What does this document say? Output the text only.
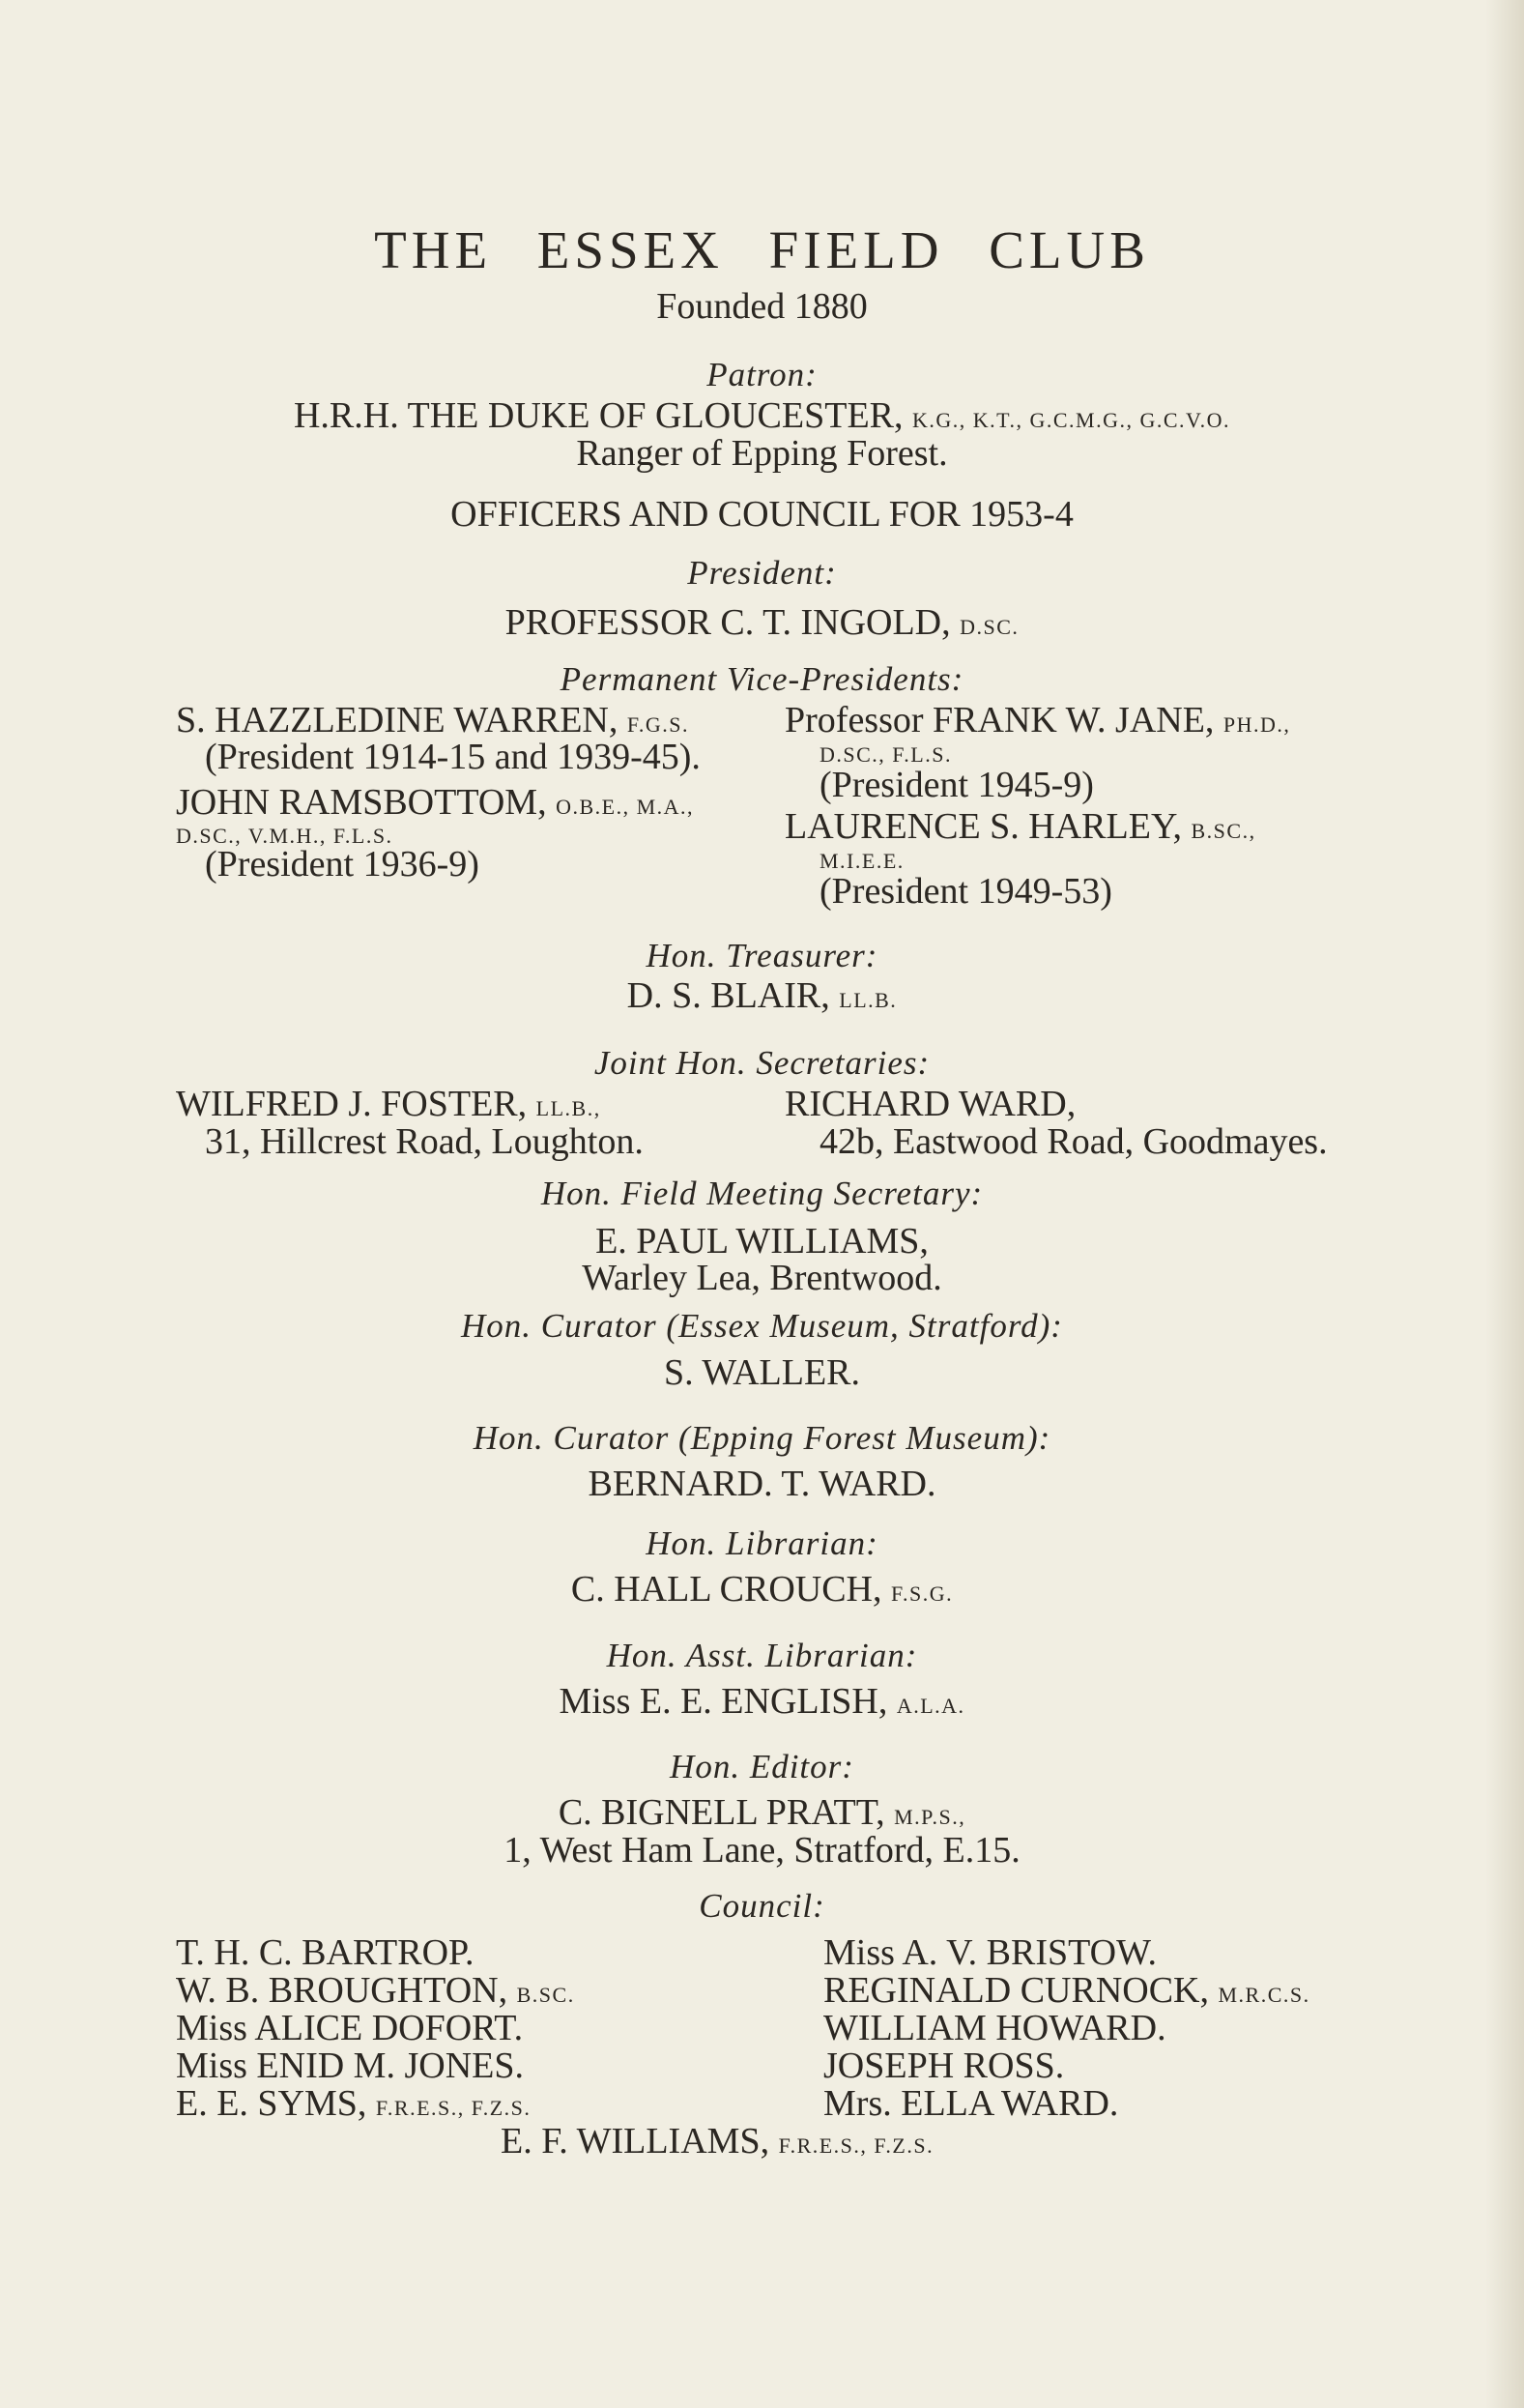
THE ESSEX FIELD CLUB
Founded 1880
Patron:
H.R.H. THE DUKE OF GLOUCESTER, K.G., K.T., G.C.M.G., G.C.V.O.
Ranger of Epping Forest.
OFFICERS AND COUNCIL FOR 1953-4
President:
PROFESSOR C. T. INGOLD, D.SC.
Permanent Vice-Presidents:
S. HAZZLEDINE WARREN, F.G.S.
(President 1914-15 and 1939-45).
JOHN RAMSBOTTOM, O.B.E., M.A.,
D.SC., V.M.H., F.L.S.
(President 1936-9)
Professor FRANK W. JANE, PH.D.,
D.SC., F.L.S.
(President 1945-9)
LAURENCE S. HARLEY, B.SC.,
M.I.E.E.
(President 1949-53)
Hon. Treasurer:
D. S. BLAIR, LL.B.
Joint Hon. Secretaries:
WILFRED J. FOSTER, LL.B.,
31, Hillcrest Road, Loughton.
RICHARD WARD,
42b, Eastwood Road, Goodmayes.
Hon. Field Meeting Secretary:
E. PAUL WILLIAMS,
Warley Lea, Brentwood.
Hon. Curator (Essex Museum, Stratford):
S. WALLER.
Hon. Curator (Epping Forest Museum):
BERNARD. T. WARD.
Hon. Librarian:
C. HALL CROUCH, F.S.G.
Hon. Asst. Librarian:
Miss E. E. ENGLISH, A.L.A.
Hon. Editor:
C. BIGNELL PRATT, M.P.S.,
1, West Ham Lane, Stratford, E.15.
Council:
T. H. C. BARTROP.
W. B. BROUGHTON, B.SC.
Miss ALICE DOFORT.
Miss ENID M. JONES.
E. E. SYMS, F.R.E.S., F.Z.S.
Miss A. V. BRISTOW.
REGINALD CURNOCK, M.R.C.S.
WILLIAM HOWARD.
JOSEPH ROSS.
Mrs. ELLA WARD.
E. F. WILLIAMS, F.R.E.S., F.Z.S.
